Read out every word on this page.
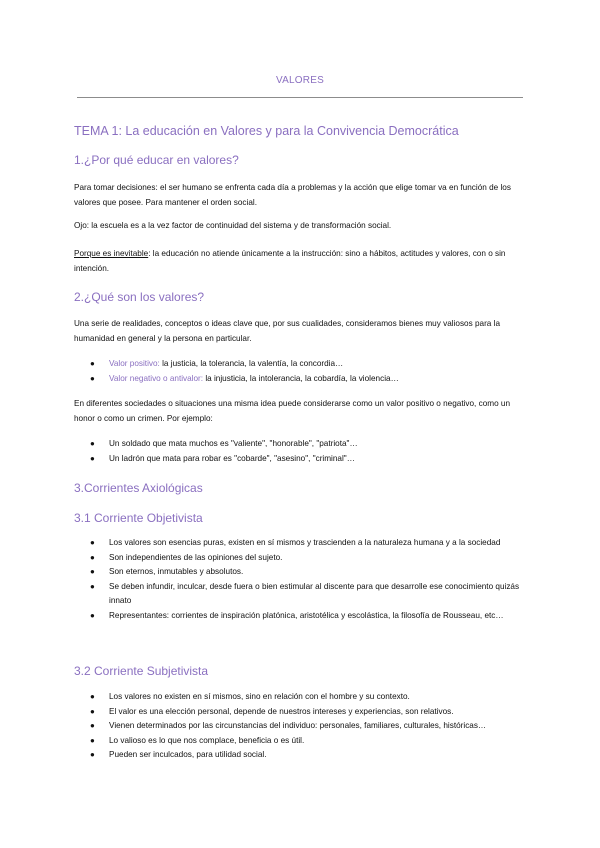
VALORES
TEMA 1: La educación en Valores y para la Convivencia Democrática
1.¿Por qué educar en valores?
Para tomar decisiones: el ser humano se enfrenta cada día a problemas y la acción que elige tomar va en función de los valores que posee. Para mantener el orden social.
Ojo: la escuela es a la vez factor de continuidad del sistema y de transformación social.
Porque es inevitable: la educación no atiende únicamente a la instrucción: sino a hábitos, actitudes y valores, con o sin intención.
2.¿Qué son los valores?
Una serie de realidades, conceptos o ideas clave que, por sus cualidades, consideramos bienes muy valiosos para la humanidad en general y la persona en particular.
● Valor positivo: la justicia, la tolerancia, la valentía, la concordia…
● Valor negativo o antivalor: la injusticia, la intolerancia, la cobardía, la violencia…
En diferentes sociedades o situaciones una misma idea puede considerarse como un valor positivo o negativo, como un honor o como un crimen. Por ejemplo:
● Un soldado que mata muchos es "valiente", "honorable", "patriota"…
● Un ladrón que mata para robar es "cobarde", "asesino", "criminal"…
3.Corrientes Axiológicas
3.1 Corriente Objetivista
● Los valores son esencias puras, existen en sí mismos y trascienden a la naturaleza humana y a la sociedad
● Son independientes de las opiniones del sujeto.
● Son eternos, inmutables y absolutos.
● Se deben infundir, inculcar, desde fuera o bien estimular al discente para que desarrolle ese conocimiento quizás innato
● Representantes: corrientes de inspiración platónica, aristotélica y escolástica, la filosofía de Rousseau, etc…
3.2 Corriente Subjetivista
● Los valores no existen en sí mismos, sino en relación con el hombre y su contexto.
● El valor es una elección personal, depende de nuestros intereses y experiencias, son relativos.
● Vienen determinados por las circunstancias del individuo: personales, familiares, culturales, históricas…
● Lo valioso es lo que nos complace, beneficia o es útil.
● Pueden ser inculcados, para utilidad social.
